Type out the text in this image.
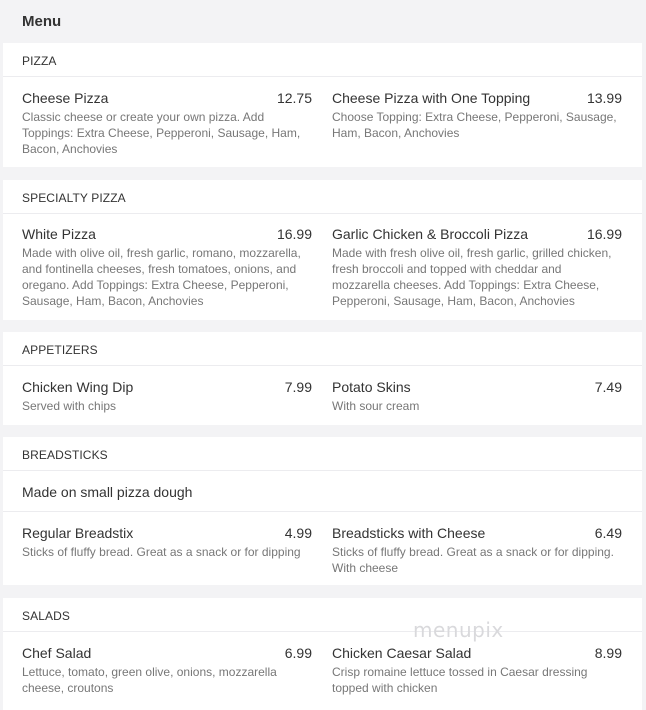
Menu
PIZZA
Cheese Pizza	12.75
Classic cheese or create your own pizza. Add Toppings: Extra Cheese, Pepperoni, Sausage, Ham, Bacon, Anchovies
Cheese Pizza with One Topping	13.99
Choose Topping: Extra Cheese, Pepperoni, Sausage, Ham, Bacon, Anchovies
SPECIALTY PIZZA
White Pizza	16.99
Made with olive oil, fresh garlic, romano, mozzarella, and fontinella cheeses, fresh tomatoes, onions, and oregano. Add Toppings: Extra Cheese, Pepperoni, Sausage, Ham, Bacon, Anchovies
Garlic Chicken & Broccoli Pizza	16.99
Made with fresh olive oil, fresh garlic, grilled chicken, fresh broccoli and topped with cheddar and mozzarella cheeses. Add Toppings: Extra Cheese, Pepperoni, Sausage, Ham, Bacon, Anchovies
APPETIZERS
Chicken Wing Dip	7.99
Served with chips
Potato Skins	7.49
With sour cream
BREADSTICKS
Made on small pizza dough
Regular Breadstix	4.99
Sticks of fluffy bread. Great as a snack or for dipping
Breadsticks with Cheese	6.49
Sticks of fluffy bread. Great as a snack or for dipping. With cheese
SALADS
Chef Salad	6.99
Lettuce, tomato, green olive, onions, mozzarella cheese, croutons
Chicken Caesar Salad	8.99
Crisp romaine lettuce tossed in Caesar dressing topped with chicken
menupix
